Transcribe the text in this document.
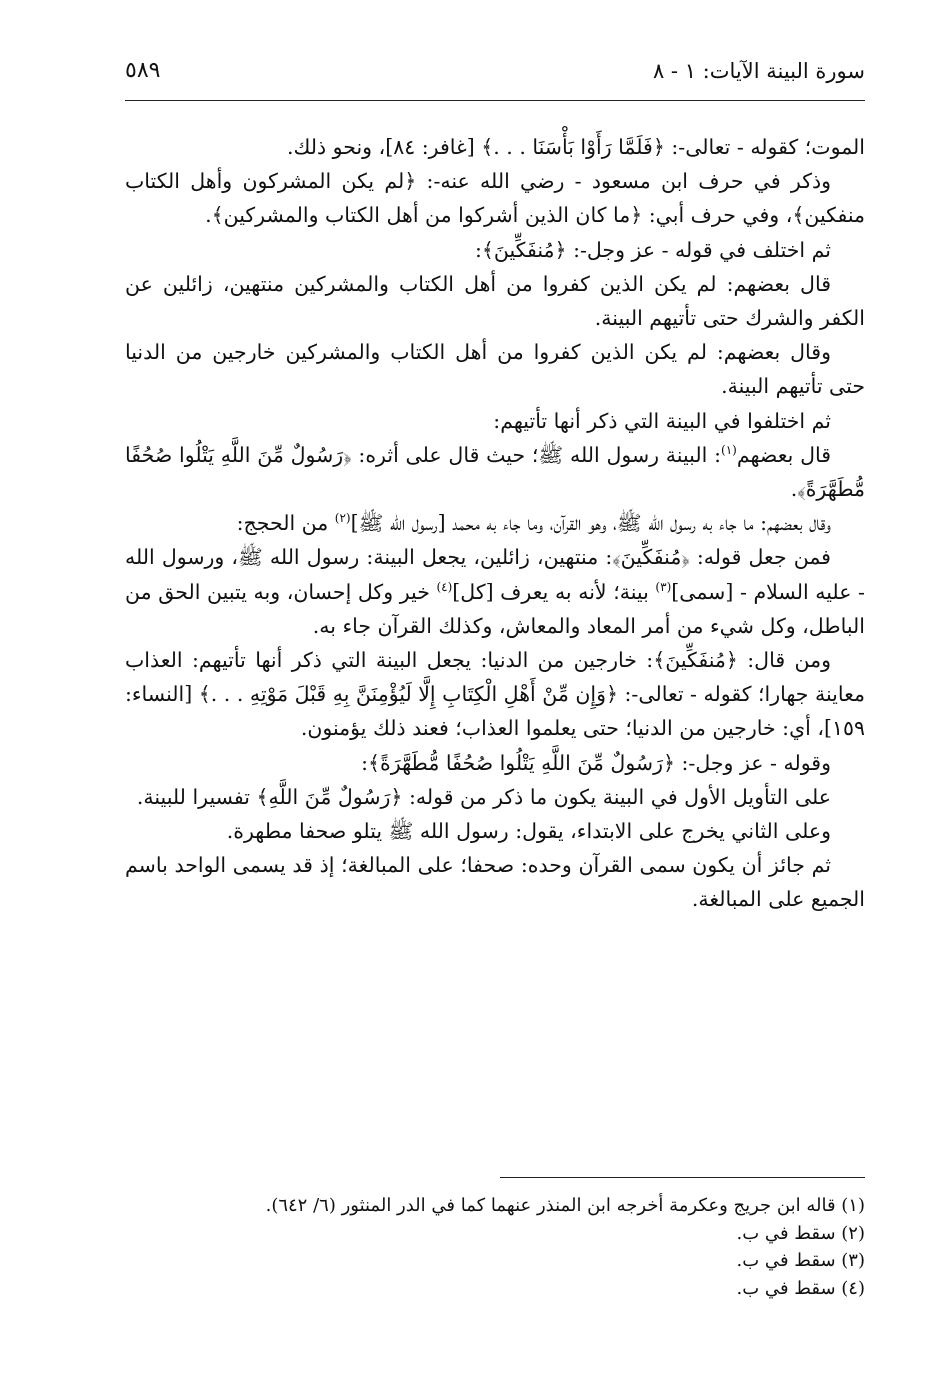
سورة البينة الآيات: ١ - ٨
٥٨٩

الموت؛ كقوله - تعالى-: ﴿فَلَمَّا رَأَوْا بَأْسَنَا . . .﴾ [غافر: ٨٤]، ونحو ذلك.

وذكر في حرف ابن مسعود - رضي الله عنه-: ﴿لم يكن المشركون وأهل الكتاب منفكين﴾، وفي حرف أبي: ﴿ما كان الذين أشركوا من أهل الكتاب والمشركين﴾.

ثم اختلف في قوله - عز وجل-: ﴿مُنفَكِّينَ﴾:

قال بعضهم: لم يكن الذين كفروا من أهل الكتاب والمشركين منتهين، زائلين عن الكفر والشرك حتى تأتيهم البينة.

وقال بعضهم: لم يكن الذين كفروا من أهل الكتاب والمشركين خارجين من الدنيا حتى تأتيهم البينة.

ثم اختلفوا في البينة التي ذكر أنها تأتيهم:

قال بعضهم$^{(١)}$: البينة رسول الله ﷺ؛ حيث قال على أثره: ﴿رَسُولٌ مِّنَ اللَّهِ يَتْلُوا صُحُفًا مُّطَهَّرَةً﴾.

وقال بعضهم: ما جاء به رسول الله ﷺ، وهو القرآن، وما جاء به محمد [رسول الله ﷺ]$^{(٢)}$ من الحجج:

فمن جعل قوله: ﴿مُنفَكِّينَ﴾: منتهين، زائلين، يجعل البينة: رسول الله ﷺ، ورسول الله - عليه السلام - [سمى]$^{(٣)}$ بينة؛ لأنه به يعرف [كل]$^{(٤)}$ خير وكل إحسان، وبه يتبين الحق من الباطل، وكل شيء من أمر المعاد والمعاش، وكذلك القرآن جاء به.

ومن قال: ﴿مُنفَكِّينَ﴾: خارجين من الدنيا: يجعل البينة التي ذكر أنها تأتيهم: العذاب معاينة جهارا؛ كقوله - تعالى-: ﴿وَإِن مِّنْ أَهْلِ الْكِتَابِ إِلَّا لَيُؤْمِنَنَّ بِهِ قَبْلَ مَوْتِهِ . . .﴾ [النساء: ١٥٩]، أي: خارجين من الدنيا؛ حتى يعلموا العذاب؛ فعند ذلك يؤمنون.

وقوله - عز وجل-: ﴿رَسُولٌ مِّنَ اللَّهِ يَتْلُوا صُحُفًا مُّطَهَّرَةً﴾:

على التأويل الأول في البينة يكون ما ذكر من قوله: ﴿رَسُولٌ مِّنَ اللَّهِ﴾ تفسيرا للبينة.

وعلى الثاني يخرج على الابتداء، يقول: رسول الله ﷺ يتلو صحفا مطهرة.

ثم جائز أن يكون سمى القرآن وحده: صحفا؛ على المبالغة؛ إذ قد يسمى الواحد باسم الجميع على المبالغة.

(١) قاله ابن جريج وعكرمة أخرجه ابن المنذر عنهما كما في الدر المنثور (٦/ ٦٤٢).
(٢) سقط في ب.
(٣) سقط في ب.
(٤) سقط في ب.
